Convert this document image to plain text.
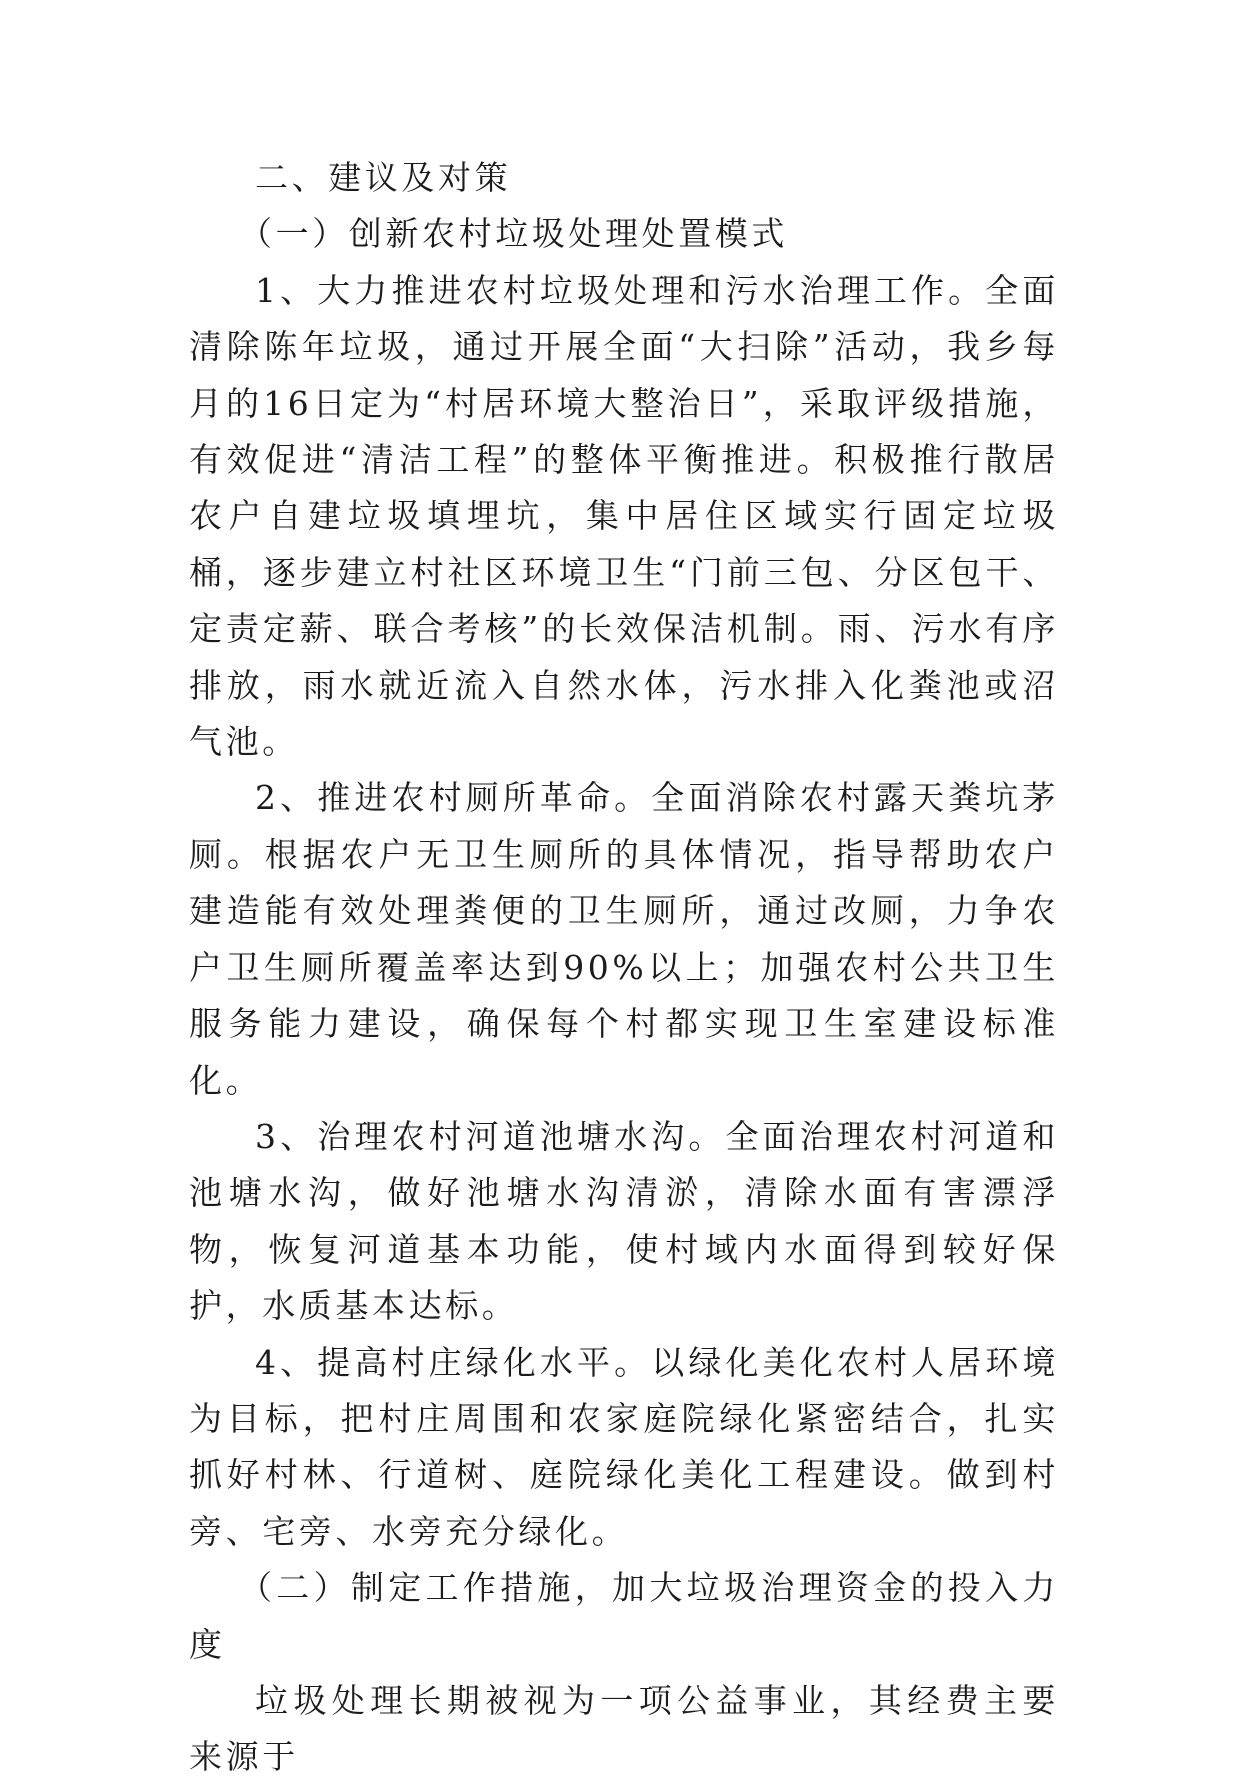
二、建议及对策

（一）创新农村垃圾处理处置模式

1、大力推进农村垃圾处理和污水治理工作。全面清除陈年垃圾，通过开展全面“大扫除”活动，我乡每月的16日定为“村居环境大整治日”，采取评级措施，有效促进“清洁工程”的整体平衡推进。积极推行散居农户自建垃圾填埋坑，集中居住区域实行固定垃圾桶，逐步建立村社区环境卫生“门前三包、分区包干、定责定薪、联合考核”的长效保洁机制。雨、污水有序排放，雨水就近流入自然水体，污水排入化粪池或沼气池。

2、推进农村厕所革命。全面消除农村露天粪坑茅厕。根据农户无卫生厕所的具体情况，指导帮助农户建造能有效处理粪便的卫生厕所，通过改厕，力争农户卫生厕所覆盖率达到90%以上；加强农村公共卫生服务能力建设，确保每个村都实现卫生室建设标准化。

3、治理农村河道池塘水沟。全面治理农村河道和池塘水沟，做好池塘水沟清淤，清除水面有害漂浮物，恢复河道基本功能，使村域内水面得到较好保护，水质基本达标。

4、提高村庄绿化水平。以绿化美化农村人居环境为目标，把村庄周围和农家庭院绿化紧密结合，扎实抓好村林、行道树、庭院绿化美化工程建设。做到村旁、宅旁、水旁充分绿化。

（二）制定工作措施，加大垃圾治理资金的投入力度

垃圾处理长期被视为一项公益事业，其经费主要来源于
